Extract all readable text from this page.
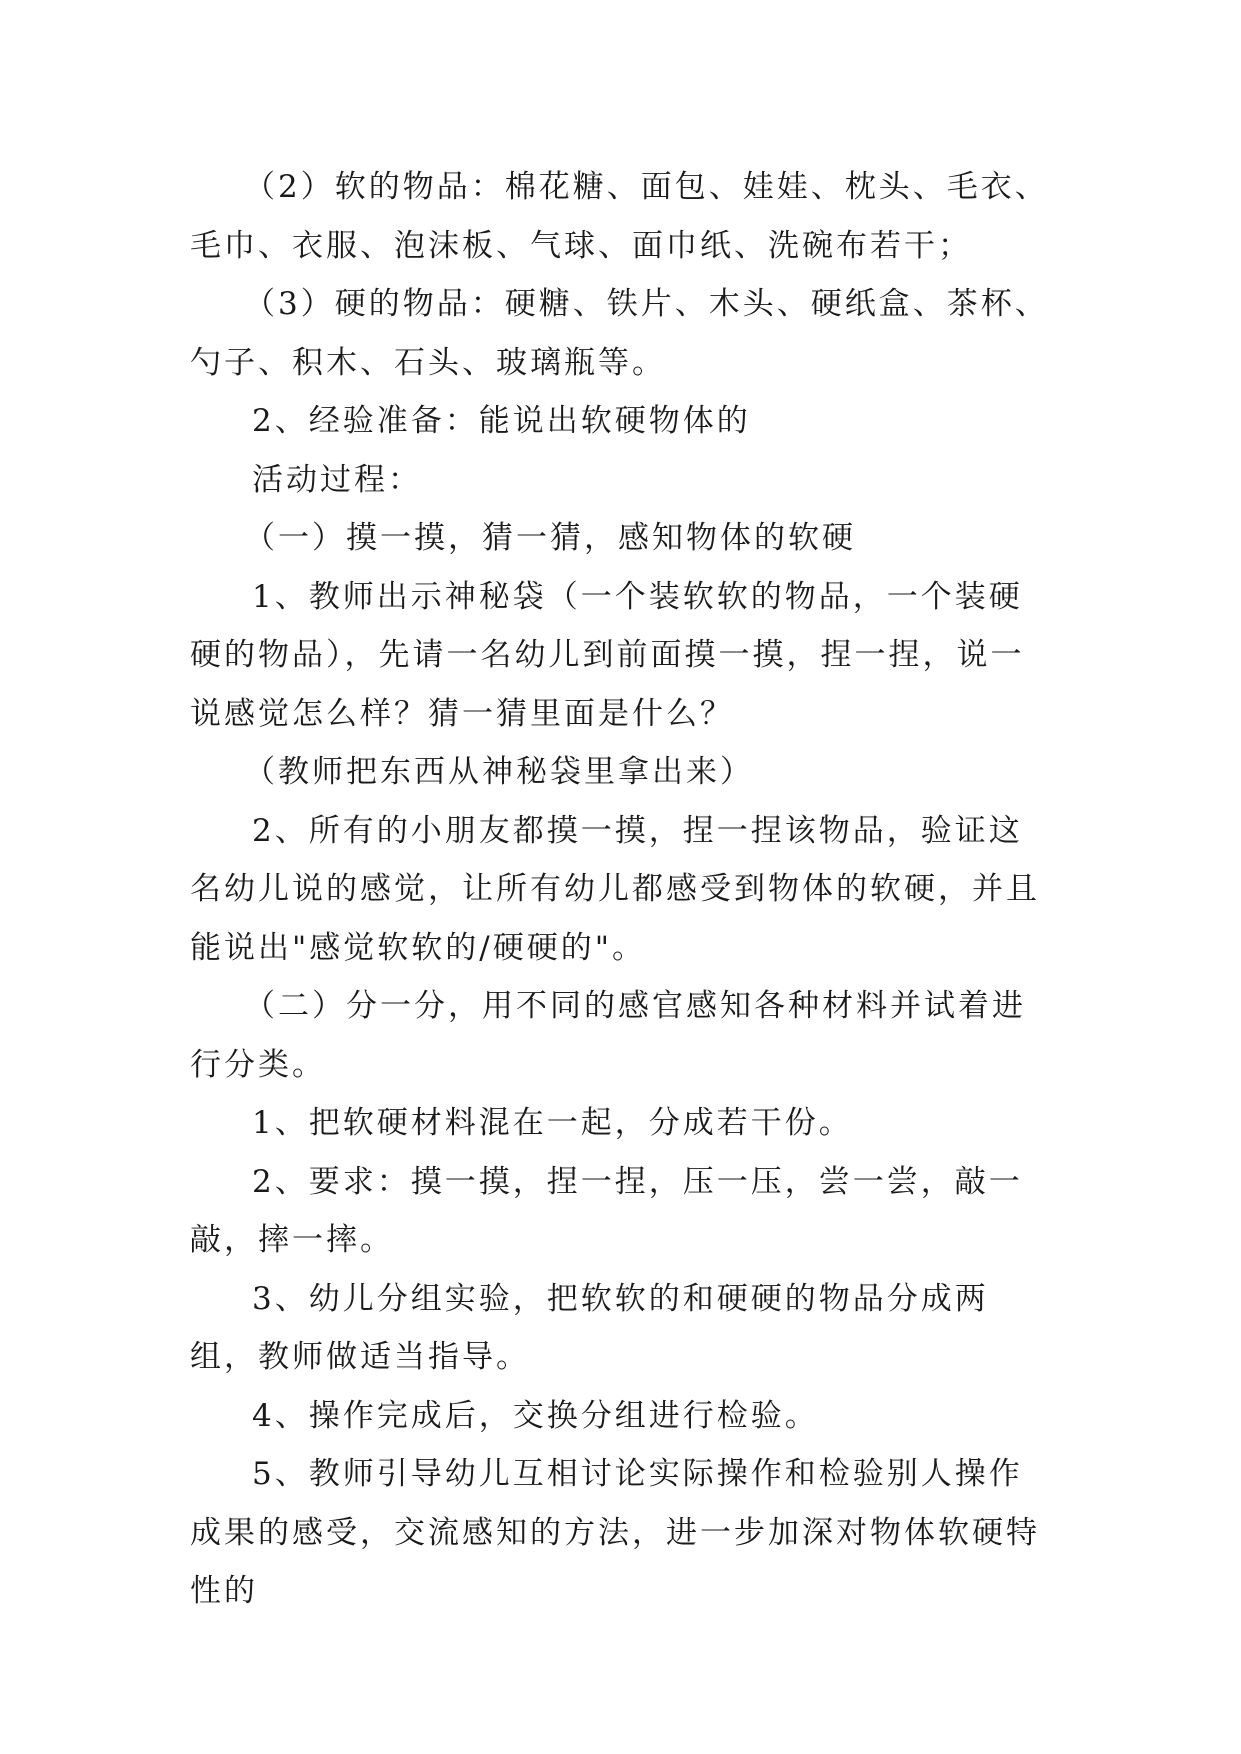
（2）软的物品：棉花糖、面包、娃娃、枕头、毛衣、毛巾、衣服、泡沫板、气球、面巾纸、洗碗布若干；

（3）硬的物品：硬糖、铁片、木头、硬纸盒、茶杯、勺子、积木、石头、玻璃瓶等。

2、经验准备：能说出软硬物体的

活动过程：

（一）摸一摸，猜一猜，感知物体的软硬

1、教师出示神秘袋（一个装软软的物品，一个装硬硬的物品），先请一名幼儿到前面摸一摸，捏一捏，说一说感觉怎么样？猜一猜里面是什么？

（教师把东西从神秘袋里拿出来）

2、所有的小朋友都摸一摸，捏一捏该物品，验证这名幼儿说的感觉，让所有幼儿都感受到物体的软硬，并且能说出"感觉软软的/硬硬的"。

（二）分一分，用不同的感官感知各种材料并试着进行分类。

1、把软硬材料混在一起，分成若干份。

2、要求：摸一摸，捏一捏，压一压，尝一尝，敲一敲，摔一摔。

3、幼儿分组实验，把软软的和硬硬的物品分成两组，教师做适当指导。

4、操作完成后，交换分组进行检验。

5、教师引导幼儿互相讨论实际操作和检验别人操作成果的感受，交流感知的方法，进一步加深对物体软硬特性的
